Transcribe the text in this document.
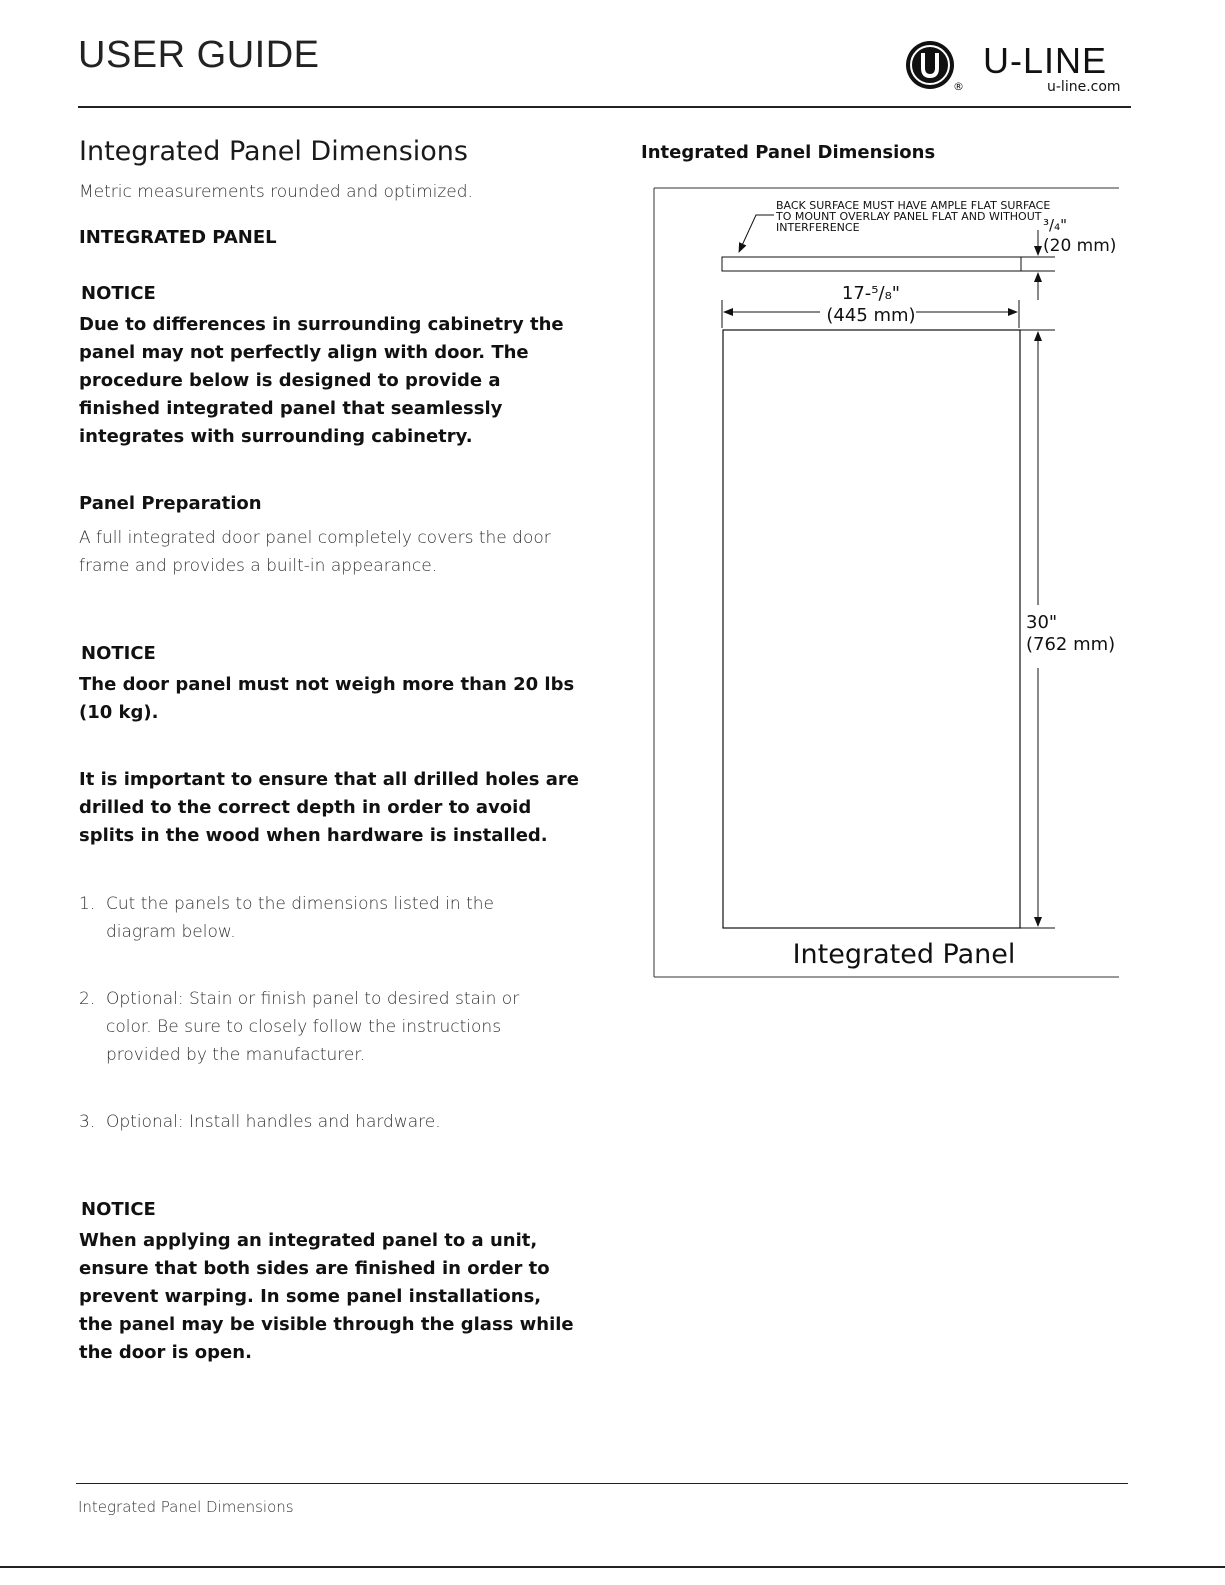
USER GUIDE
®
U-LINE
u-line.com
Integrated Panel Dimensions
Metric measurements rounded and optimized.
INTEGRATED PANEL
NOTICE
Due to differences in surrounding cabinetry the panel may not perfectly align with door. The procedure below is designed to provide a finished integrated panel that seamlessly integrates with surrounding cabinetry.
Panel Preparation
A full integrated door panel completely covers the door frame and provides a built-in appearance.
NOTICE
The door panel must not weigh more than 20 lbs (10 kg).
It is important to ensure that all drilled holes are drilled to the correct depth in order to avoid splits in the wood when hardware is installed.
1. Cut the panels to the dimensions listed in the diagram below.
2. Optional: Stain or finish panel to desired stain or color. Be sure to closely follow the instructions provided by the manufacturer.
3. Optional: Install handles and hardware.
NOTICE
When applying an integrated panel to a unit, ensure that both sides are finished in order to prevent warping. In some panel installations, the panel may be visible through the glass while the door is open.
Integrated Panel Dimensions
BACK SURFACE MUST HAVE AMPLE FLAT SURFACE
TO MOUNT OVERLAY PANEL FLAT AND WITHOUT
INTERFERENCE	³/₄"
(20 mm)
17-⁵/₈"
(445 mm)
30"
(762 mm)
Integrated Panel
Integrated Panel Dimensions
